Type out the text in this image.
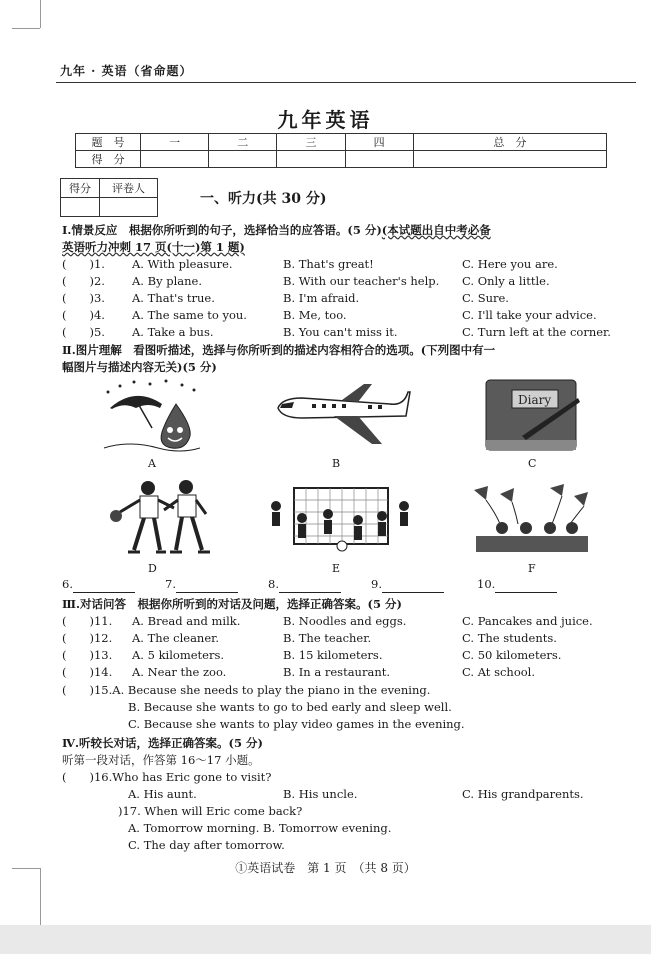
九年 · 英语（省命题）
九年英语
题　号	一	二	三	四	总　分
得　分					
得分	评卷人

一、听力(共 30 分)
Ⅰ.情景反应　根据你所听到的句子，选择恰当的应答语。(5 分)(本试题出自中考必备
英语听力冲刺 17 页(十一)第 1 题)
(　　)1. A. With pleasure.	B. That's great!	C. Here you are.
(　　)2. A. By plane.	B. With our teacher's help. C. Only a little.
(　　)3. A. That's true.	B. I'm afraid.	C. Sure.
(　　)4. A. The same to you.	B. Me, too.	C. I'll take your advice.
(　　)5. A. Take a bus.	B. You can't miss it.	C. Turn left at the corner.
Ⅱ.图片理解　看图听描述，选择与你所听到的描述内容相符合的选项。(下列图中有一
幅图片与描述内容无关)(5 分)
A	B
Diary
C
D	E	F
6.	7.	8.	9.	10.
Ⅲ.对话问答　根据你所听到的对话及问题，选择正确答案。(5 分)
(　　)11. A. Bread and milk.	B. Noodles and eggs.	C. Pancakes and juice.
(　　)12. A. The cleaner.	B. The teacher.	C. The students.
(　　)13. A. 5 kilometers.	B. 15 kilometers.	C. 50 kilometers.
(　　)14. A. Near the zoo.	B. In a restaurant.	C. At school.
(　　)15.A. Because she needs to play the piano in the evening.
B. Because she wants to go to bed early and sleep well.
C. Because she wants to play video games in the evening.
Ⅳ.听较长对话，选择正确答案。(5 分)
听第一段对话，作答第 16～17 小题。
(　　)16.Who has Eric gone to visit?
A. His aunt.	B. His uncle.	C. His grandparents.
)17. When will Eric come back?
A. Tomorrow morning. B. Tomorrow evening.
C. The day after tomorrow.
①英语试卷　第 1 页　（共 8 页）
